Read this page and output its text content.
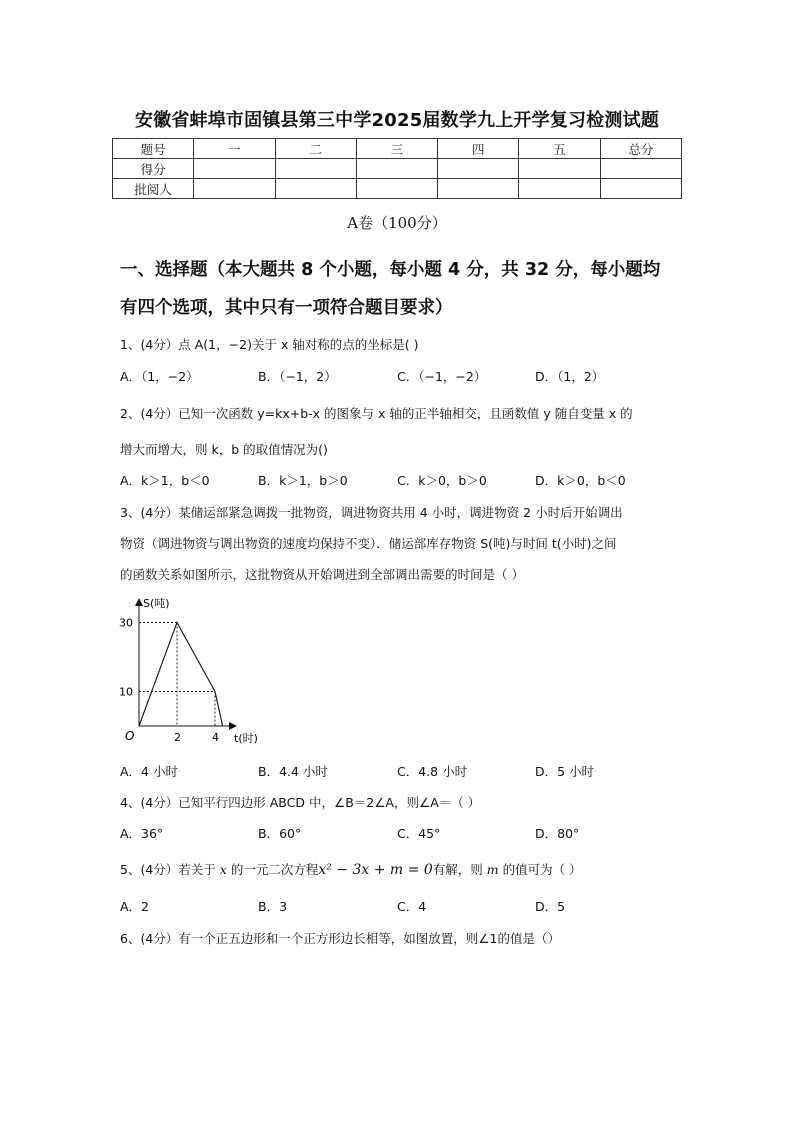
安徽省蚌埠市固镇县第三中学2025届数学九上开学复习检测试题
题号	一	二	三	四	五	总分
得分						
批阅人						
A卷（100分）
一、选择题（本大题共 8 个小题，每小题 4 分，共 32 分，每小题均
有四个选项，其中只有一项符合题目要求）
1、(4分）点 A(1，−2)关于 x 轴对称的点的坐标是( )
A．（1，−2）	B．（−1，2）	C．（−1，−2）	D．（1，2）
2、(4分）已知一次函数 y=kx+b-x 的图象与 x 轴的正半轴相交，且函数值 y 随自变量 x 的
增大而增大，则 k，b 的取值情况为()
A．k＞1，b＜0	B．k＞1，b＞0	C．k＞0，b＞0	D．k＞0，b＜0
3、(4分）某储运部紧急调拨一批物资，调进物资共用 4 小时，调进物资 2 小时后开始调出
物资（调进物资与调出物资的速度均保持不变）．储运部库存物资 S(吨)与时间 t(小时)之间
的函数关系如图所示，这批物资从开始调进到全部调出需要的时间是（ ）
S(吨)
t(时)
O	2	4
10
30
A．4 小时	B．4.4 小时	C．4.8 小时	D．5 小时
4、(4分）已知平行四边形 ABCD 中，∠B＝2∠A，则∠A＝（ ）
A．36°	B．60°	C．45°	D．80°
5、(4分）若关于 x 的一元二次方程x² − 3x + m = 0有解，则 m 的值可为（ ）
A．2	B．3	C．4	D．5
6、(4分）有一个正五边形和一个正方形边长相等，如图放置，则∠1的值是（）
